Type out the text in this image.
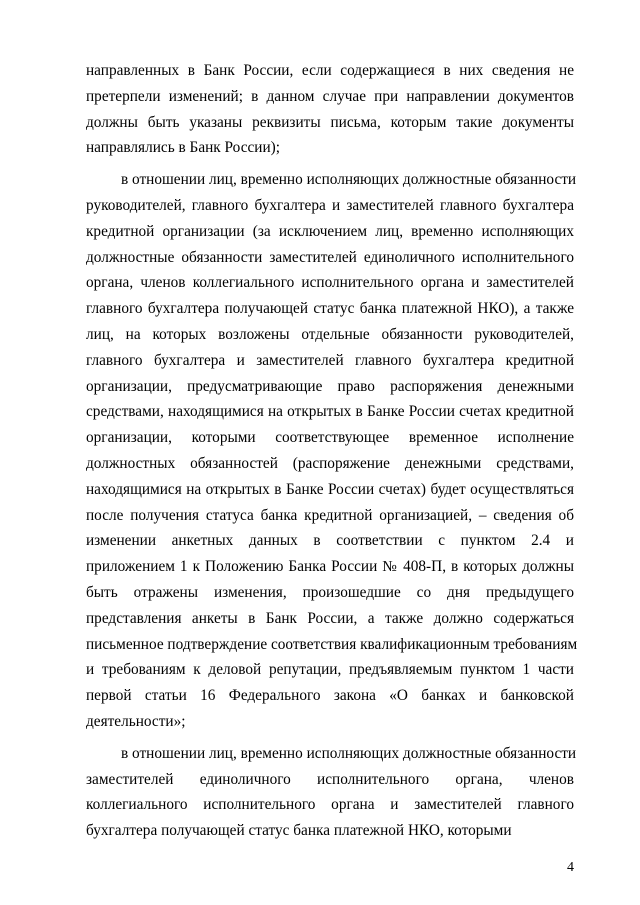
направленных в Банк России, если содержащиеся в них сведения не
претерпели изменений; в данном случае при направлении документов
должны быть указаны реквизиты письма, которым такие документы
направлялись в Банк России);
в отношении лиц, временно исполняющих должностные обязанности
руководителей, главного бухгалтера и заместителей главного бухгалтера
кредитной организации (за исключением лиц, временно исполняющих
должностные обязанности заместителей единоличного исполнительного
органа, членов коллегиального исполнительного органа и заместителей
главного бухгалтера получающей статус банка платежной НКО), а также
лиц, на которых возложены отдельные обязанности руководителей,
главного бухгалтера и заместителей главного бухгалтера кредитной
организации, предусматривающие право распоряжения денежными
средствами, находящимися на открытых в Банке России счетах кредитной
организации, которыми соответствующее временное исполнение
должностных обязанностей (распоряжение денежными средствами,
находящимися на открытых в Банке России счетах) будет осуществляться
после получения статуса банка кредитной организацией, – сведения об
изменении анкетных данных в соответствии с пунктом 2.4 и
приложением 1 к Положению Банка России № 408-П, в которых должны
быть отражены изменения, произошедшие со дня предыдущего
представления анкеты в Банк России, а также должно содержаться
письменное подтверждение соответствия квалификационным требованиям
и требованиям к деловой репутации, предъявляемым пунктом 1 части
первой статьи 16 Федерального закона «О банках и банковской
деятельности»;
в отношении лиц, временно исполняющих должностные обязанности
заместителей единоличного исполнительного органа, членов
коллегиального исполнительного органа и заместителей главного
бухгалтера получающей статус банка платежной НКО, которыми
4
